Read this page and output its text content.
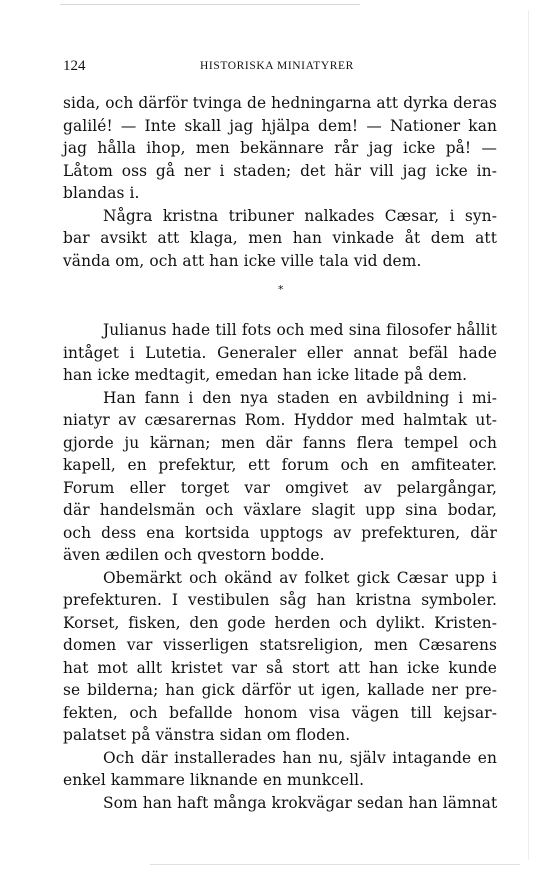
124	HISTORISKA MINIATYRER
sida, och därför tvinga de hedningarna att dyrka deras
galilé! — Inte skall jag hjälpa dem! — Nationer kan
jag hålla ihop, men bekännare rår jag icke på! —
Låtom oss gå ner i staden; det här vill jag icke in-
blandas i.
Några kristna tribuner nalkades Cæsar, i syn-
bar avsikt att klaga, men han vinkade åt dem att
vända om, och att han icke ville tala vid dem.
*
Julianus hade till fots och med sina filosofer hållit
intåget i Lutetia. Generaler eller annat befäl hade
han icke medtagit, emedan han icke litade på dem.
Han fann i den nya staden en avbildning i mi-
niatyr av cæsarernas Rom. Hyddor med halmtak ut-
gjorde ju kärnan; men där fanns flera tempel och
kapell, en prefektur, ett forum och en amfiteater.
Forum eller torget var omgivet av pelargångar,
där handelsmän och växlare slagit upp sina bodar,
och dess ena kortsida upptogs av prefekturen, där
även ædilen och qvestorn bodde.
Obemärkt och okänd av folket gick Cæsar upp i
prefekturen. I vestibulen såg han kristna symboler.
Korset, fisken, den gode herden och dylikt. Kristen-
domen var visserligen statsreligion, men Cæsarens
hat mot allt kristet var så stort att han icke kunde
se bilderna; han gick därför ut igen, kallade ner pre-
fekten, och befallde honom visa vägen till kejsar-
palatset på vänstra sidan om floden.
Och där installerades han nu, själv intagande en
enkel kammare liknande en munkcell.
Som han haft många krokvägar sedan han lämnat
